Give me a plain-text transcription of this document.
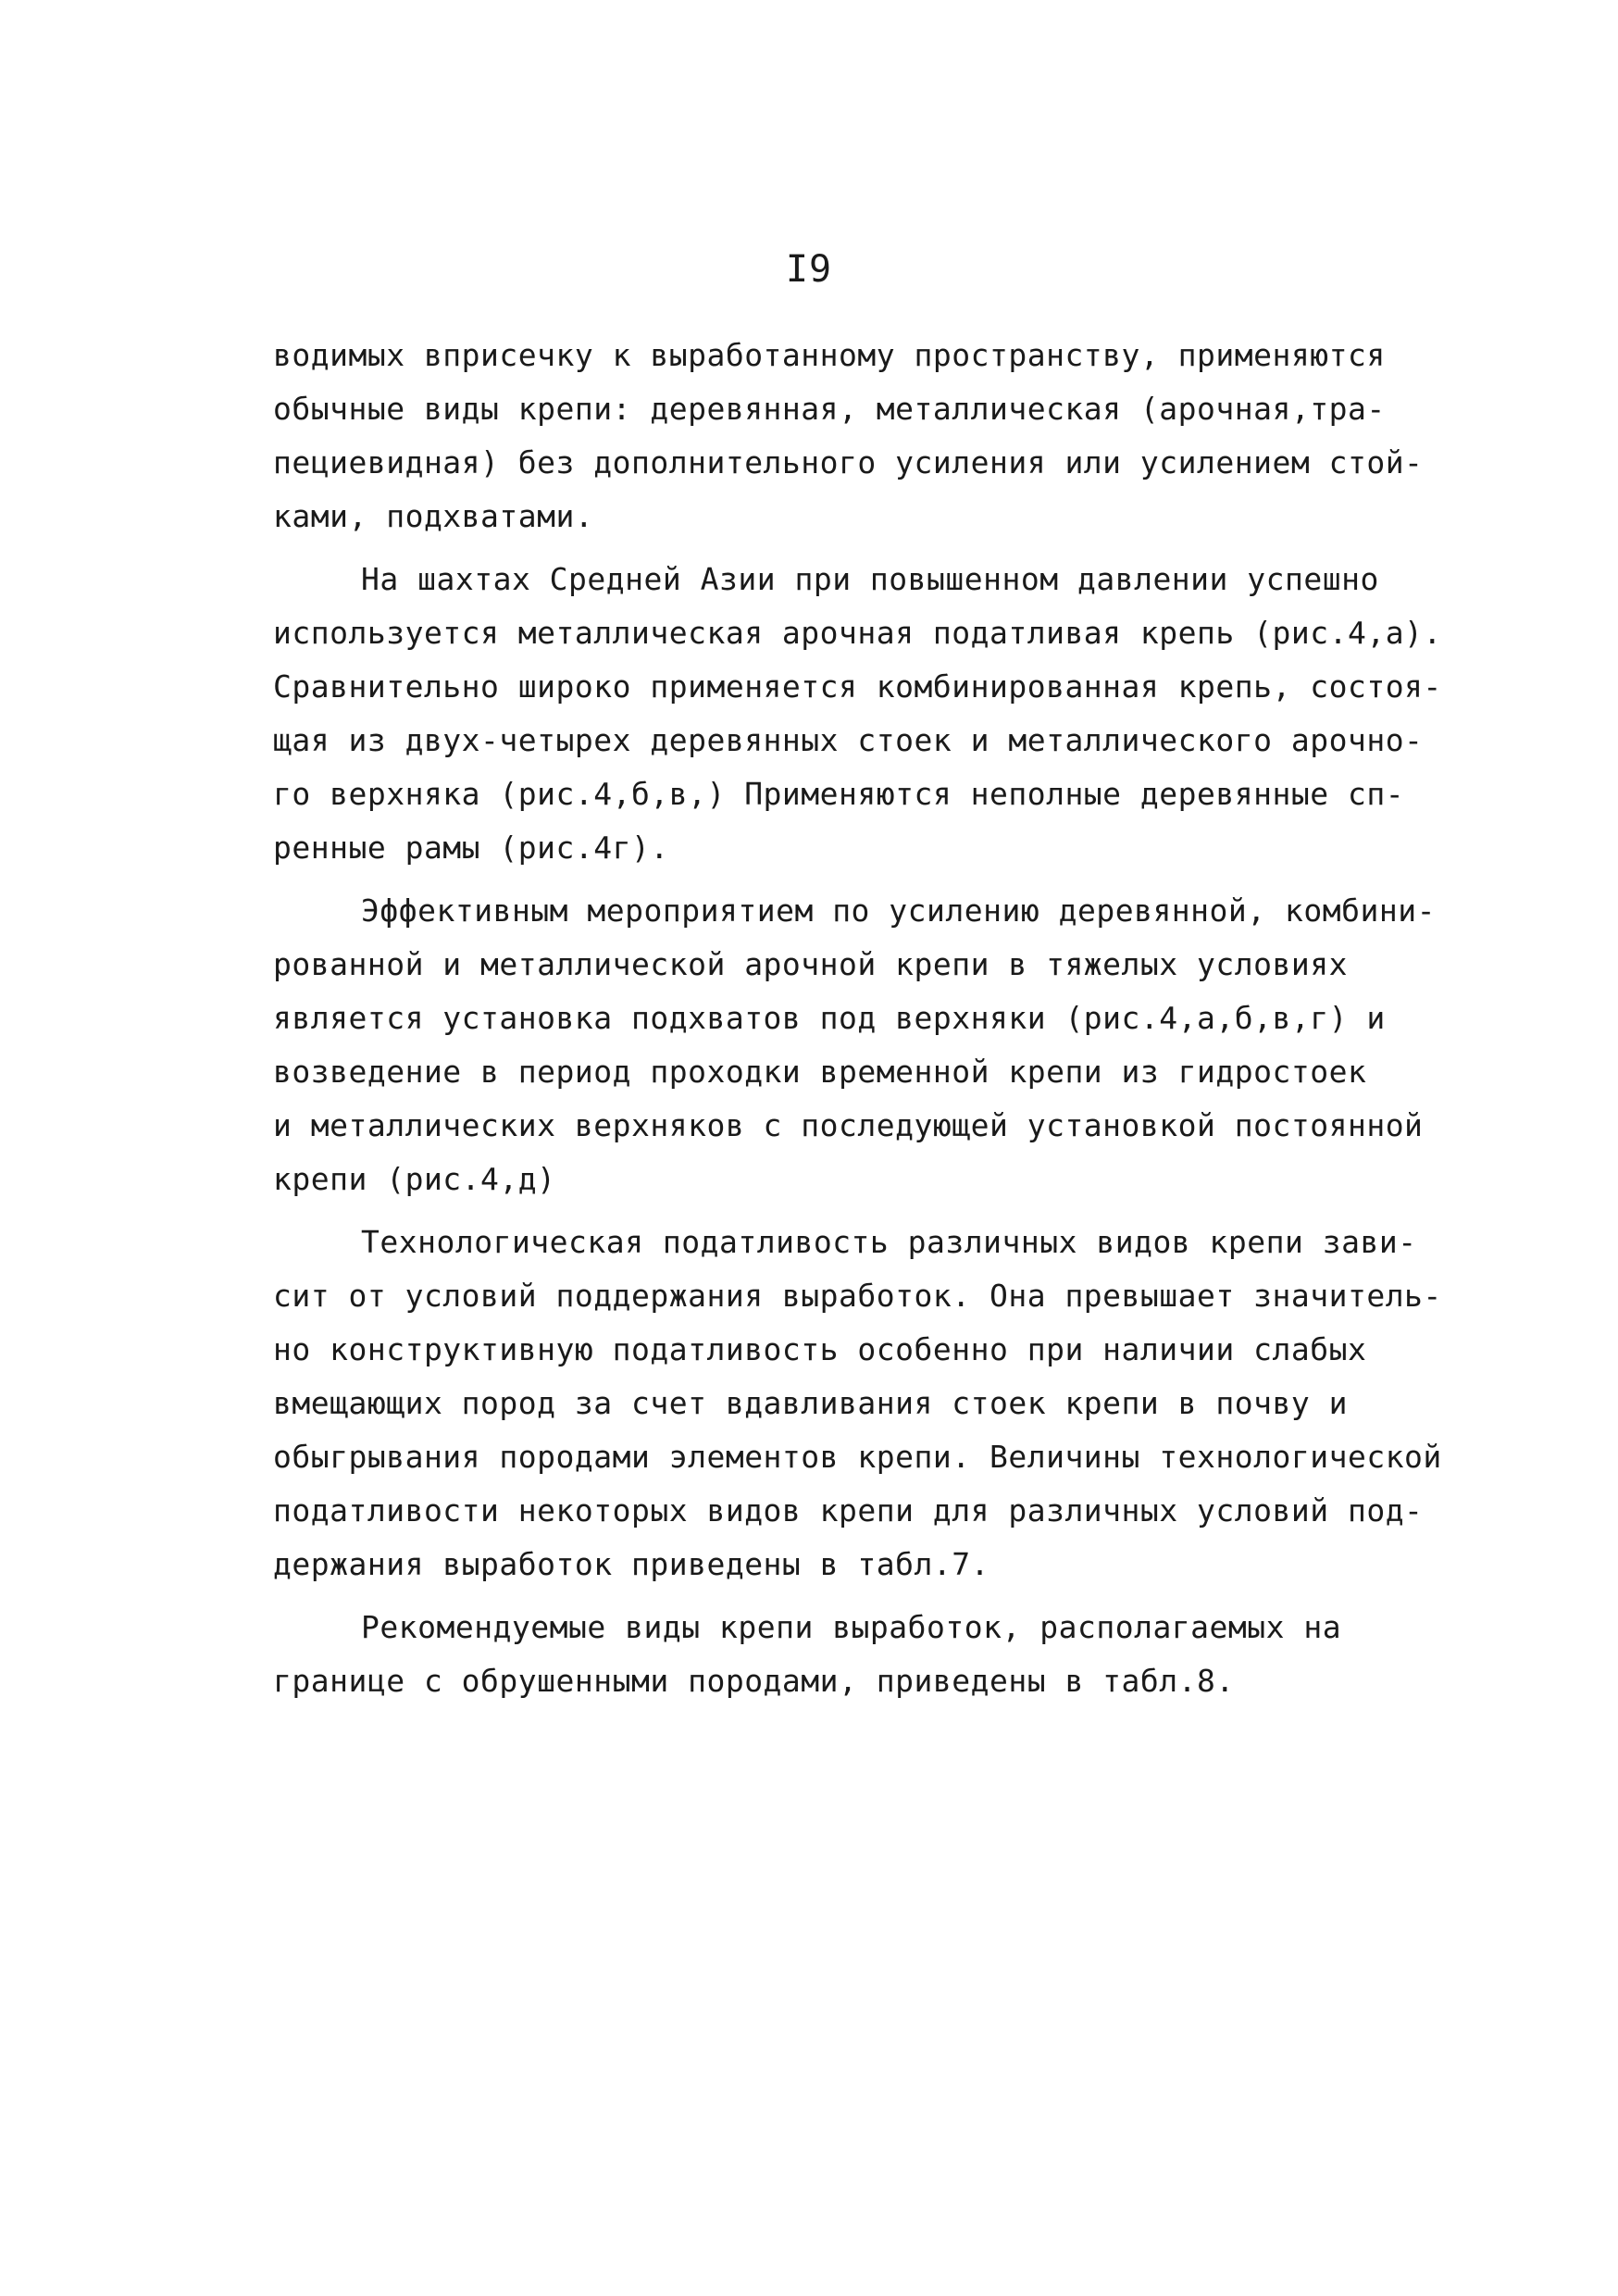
I9
водимых вприсечку к выработанному пространству, применяются
обычные виды крепи: деревянная, металлическая (арочная,тра-
пециевидная) без дополнительного усиления или усилением стой-
ками, подхватами.
На шахтах Средней Азии при повышенном давлении успешно
используется металлическая арочная податливая крепь (рис.4,а).
Сравнительно широко применяется комбинированная крепь, состоя-
щая из двух-четырех деревянных стоек и металлического арочно-
го верхняка (рис.4,б,в,) Применяются неполные деревянные сп-
ренные рамы (рис.4г).
Эффективным мероприятием по усилению деревянной, комбини-
рованной и металлической арочной крепи в тяжелых условиях
является установка подхватов под верхняки (рис.4,а,б,в,г) и
возведение в период проходки временной крепи из гидростоек
и металлических верхняков с последующей установкой постоянной
крепи (рис.4,д)
Технологическая податливость различных видов крепи зави-
сит от условий поддержания выработок. Она превышает значитель-
но конструктивную податливость особенно при наличии слабых
вмещающих пород за счет вдавливания стоек крепи в почву и
обыгрывания породами элементов крепи. Величины технологической
податливости некоторых видов крепи для различных условий под-
держания выработок приведены в табл.7.
Рекомендуемые виды крепи выработок, располагаемых на
границе с обрушенными породами, приведены в табл.8.
